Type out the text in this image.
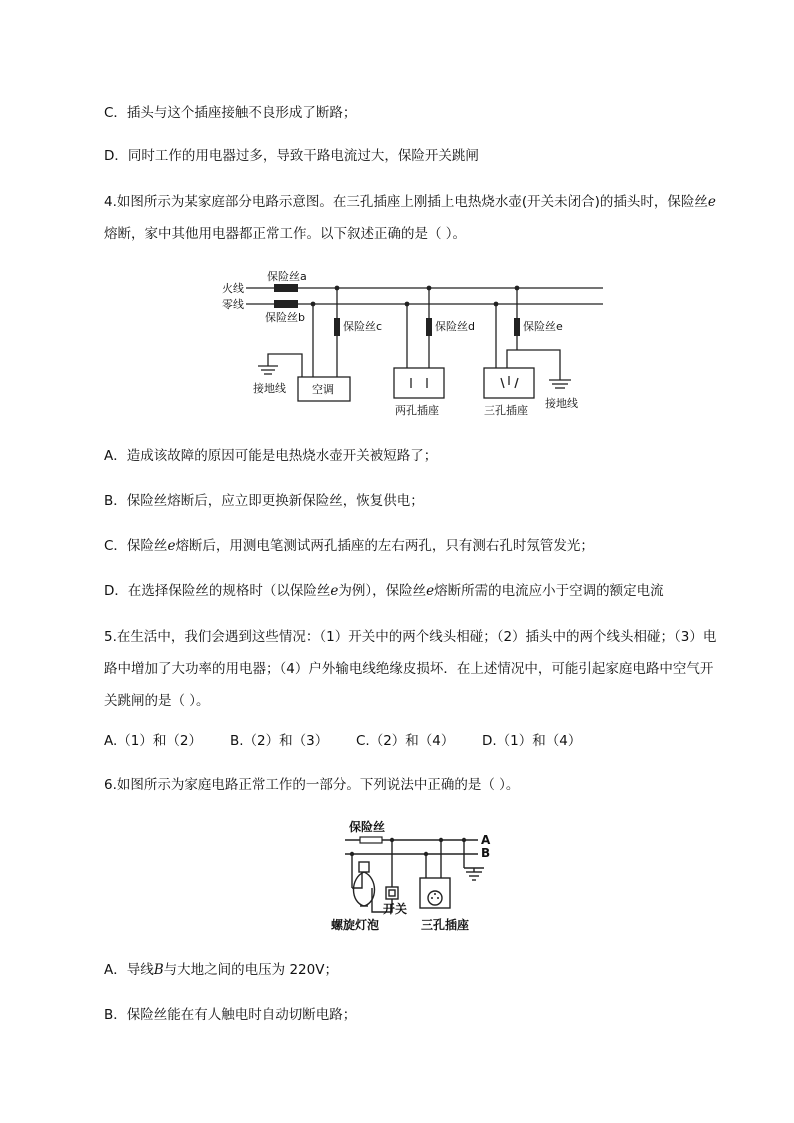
C．插头与这个插座接触不良形成了断路；
D．同时工作的用电器过多，导致干路电流过大，保险开关跳闸
4.如图所示为某家庭部分电路示意图。在三孔插座上刚插上电热烧水壶(开关未闭合)的插头时，保险丝e熔断，家中其他用电器都正常工作。以下叙述正确的是（ ）。
火线
零线
保险丝a
保险丝b
保险丝c	保险丝d	保险丝e
接地线 空调
两孔插座	三孔插座
接地线
A．造成该故障的原因可能是电热烧水壶开关被短路了；
B．保险丝熔断后，应立即更换新保险丝，恢复供电；
C．保险丝e熔断后，用测电笔测试两孔插座的左右两孔，只有测右孔时氖管发光；
D．在选择保险丝的规格时（以保险丝e为例），保险丝e熔断所需的电流应小于空调的额定电流
5.在生活中，我们会遇到这些情况：（1）开关中的两个线头相碰；（2）插头中的两个线头相碰；（3）电路中增加了大功率的用电器；（4）户外输电线绝缘皮损坏．在上述情况中，可能引起家庭电路中空气开关跳闸的是（ ）。
A.（1）和（2） B.（2）和（3） C.（2）和（4） D.（1）和（4）
6.如图所示为家庭电路正常工作的一部分。下列说法中正确的是（ ）。
保险丝
A
B
开关
螺旋灯泡	三孔插座
A．导线B与大地之间的电压为 220V；
B．保险丝能在有人触电时自动切断电路；
